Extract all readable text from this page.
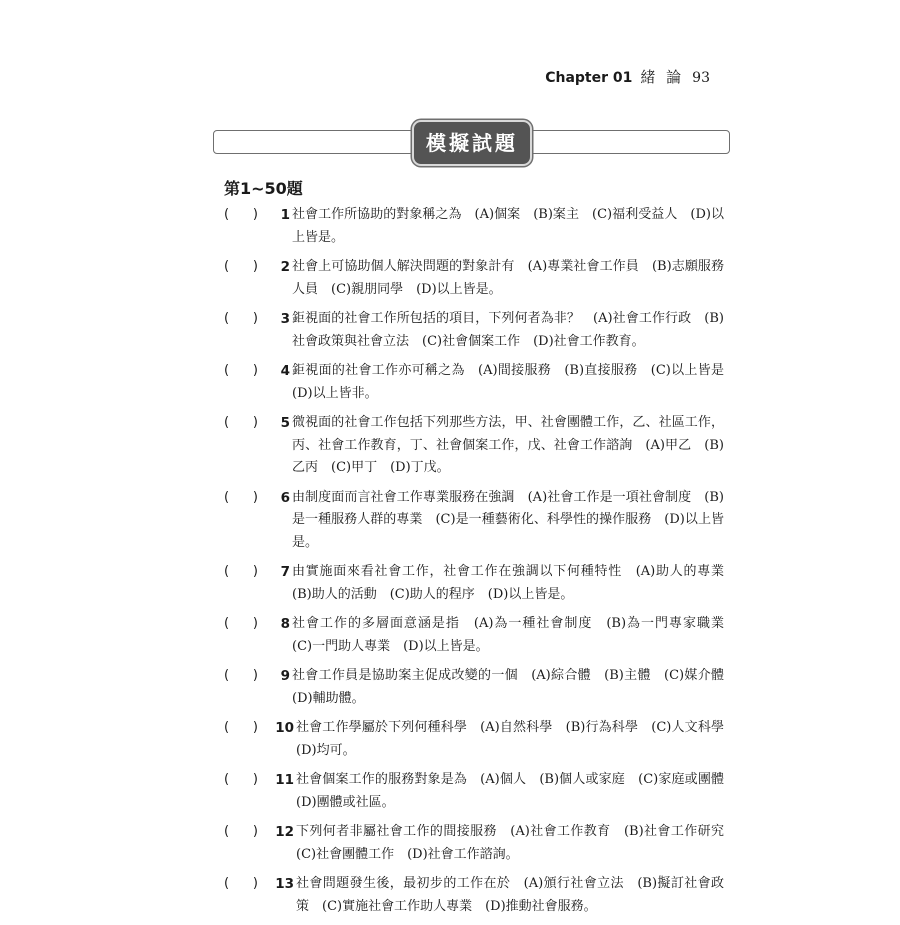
Chapter 01 緒 論 93
模擬試題
第1~50題
( )	1 社會工作所協助的對象稱之為　(A)個案　(B)案主　(C)福利受益人　(D)以上皆是。
( )	2 社會上可協助個人解決問題的對象計有　(A)專業社會工作員　(B)志願服務人員　(C)親朋同學　(D)以上皆是。
( )	3 鉅視面的社會工作所包括的項目，下列何者為非？　(A)社會工作行政　(B)社會政策與社會立法　(C)社會個案工作　(D)社會工作教育。
( )	4 鉅視面的社會工作亦可稱之為　(A)間接服務　(B)直接服務　(C)以上皆是　(D)以上皆非。
( )	5 微視面的社會工作包括下列那些方法，甲、社會團體工作，乙、社區工作，丙、社會工作教育，丁、社會個案工作，戊、社會工作諮詢　(A)甲乙　(B)乙丙　(C)甲丁　(D)丁戊。
( )	6 由制度面而言社會工作專業服務在強調　(A)社會工作是一項社會制度　(B)是一種服務人群的專業　(C)是一種藝術化、科學性的操作服務　(D)以上皆是。
( )	7 由實施面來看社會工作，社會工作在強調以下何種特性　(A)助人的專業　(B)助人的活動　(C)助人的程序　(D)以上皆是。
( )	8 社會工作的多層面意涵是指　(A)為一種社會制度　(B)為一門專家職業　(C)一門助人專業　(D)以上皆是。
( )	9 社會工作員是協助案主促成改變的一個　(A)綜合體　(B)主體　(C)媒介體　(D)輔助體。
( ) 10 社會工作學屬於下列何種科學　(A)自然科學　(B)行為科學　(C)人文科學　(D)均可。
( ) 11 社會個案工作的服務對象是為　(A)個人　(B)個人或家庭　(C)家庭或團體　(D)團體或社區。
( ) 12 下列何者非屬社會工作的間接服務　(A)社會工作教育　(B)社會工作研究　(C)社會團體工作　(D)社會工作諮詢。
( ) 13 社會問題發生後，最初步的工作在於　(A)頒行社會立法　(B)擬訂社會政策　(C)實施社會工作助人專業　(D)推動社會服務。
